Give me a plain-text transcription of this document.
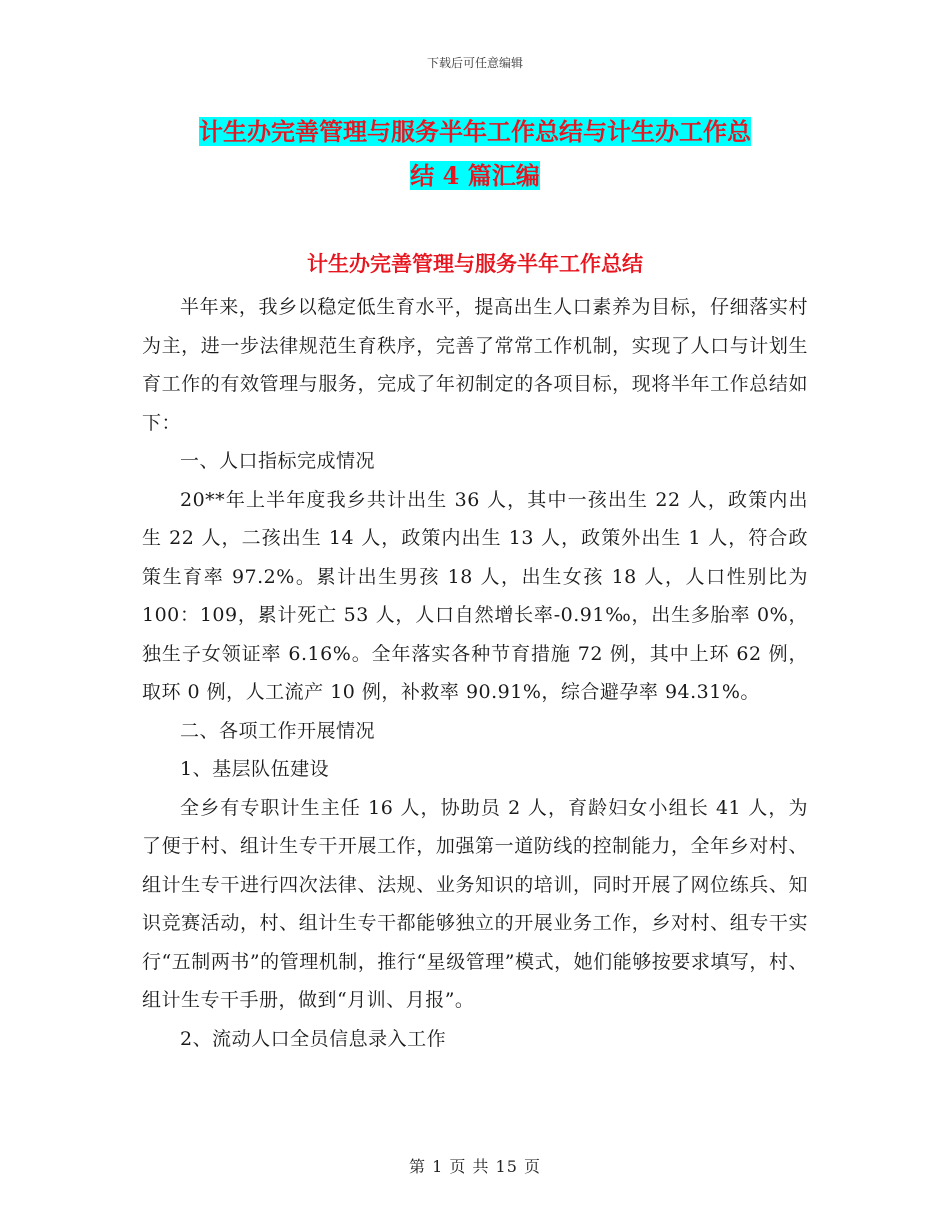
下载后可任意编辑
计生办完善管理与服务半年工作总结与计生办工作总
结 4 篇汇编
计生办完善管理与服务半年工作总结

半年来，我乡以稳定低生育水平，提高出生人口素养为目标，仔细落实村为主，进一步法律规范生育秩序，完善了常常工作机制，实现了人口与计划生育工作的有效管理与服务，完成了年初制定的各项目标，现将半年工作总结如下：

一、人口指标完成情况

20**年上半年度我乡共计出生 36 人，其中一孩出生 22 人，政策内出生 22 人，二孩出生 14 人，政策内出生 13 人，政策外出生 1 人，符合政策生育率 97.2%。累计出生男孩 18 人，出生女孩 18 人，人口性别比为 100：109，累计死亡 53 人，人口自然增长率-0.91‰，出生多胎率 0%，独生子女领证率 6.16%。全年落实各种节育措施 72 例，其中上环 62 例，取环 0 例，人工流产 10 例，补救率 90.91%，综合避孕率 94.31%。

二、各项工作开展情况

1、基层队伍建设

全乡有专职计生主任 16 人，协助员 2 人，育龄妇女小组长 41 人，为了便于村、组计生专干开展工作，加强第一道防线的控制能力，全年乡对村、组计生专干进行四次法律、法规、业务知识的培训，同时开展了网位练兵、知识竞赛活动，村、组计生专干都能够独立的开展业务工作，乡对村、组专干实行“五制两书”的管理机制，推行“星级管理”模式，她们能够按要求填写，村、组计生专干手册，做到“月训、月报”。

2、流动人口全员信息录入工作

第 1 页 共 15 页
